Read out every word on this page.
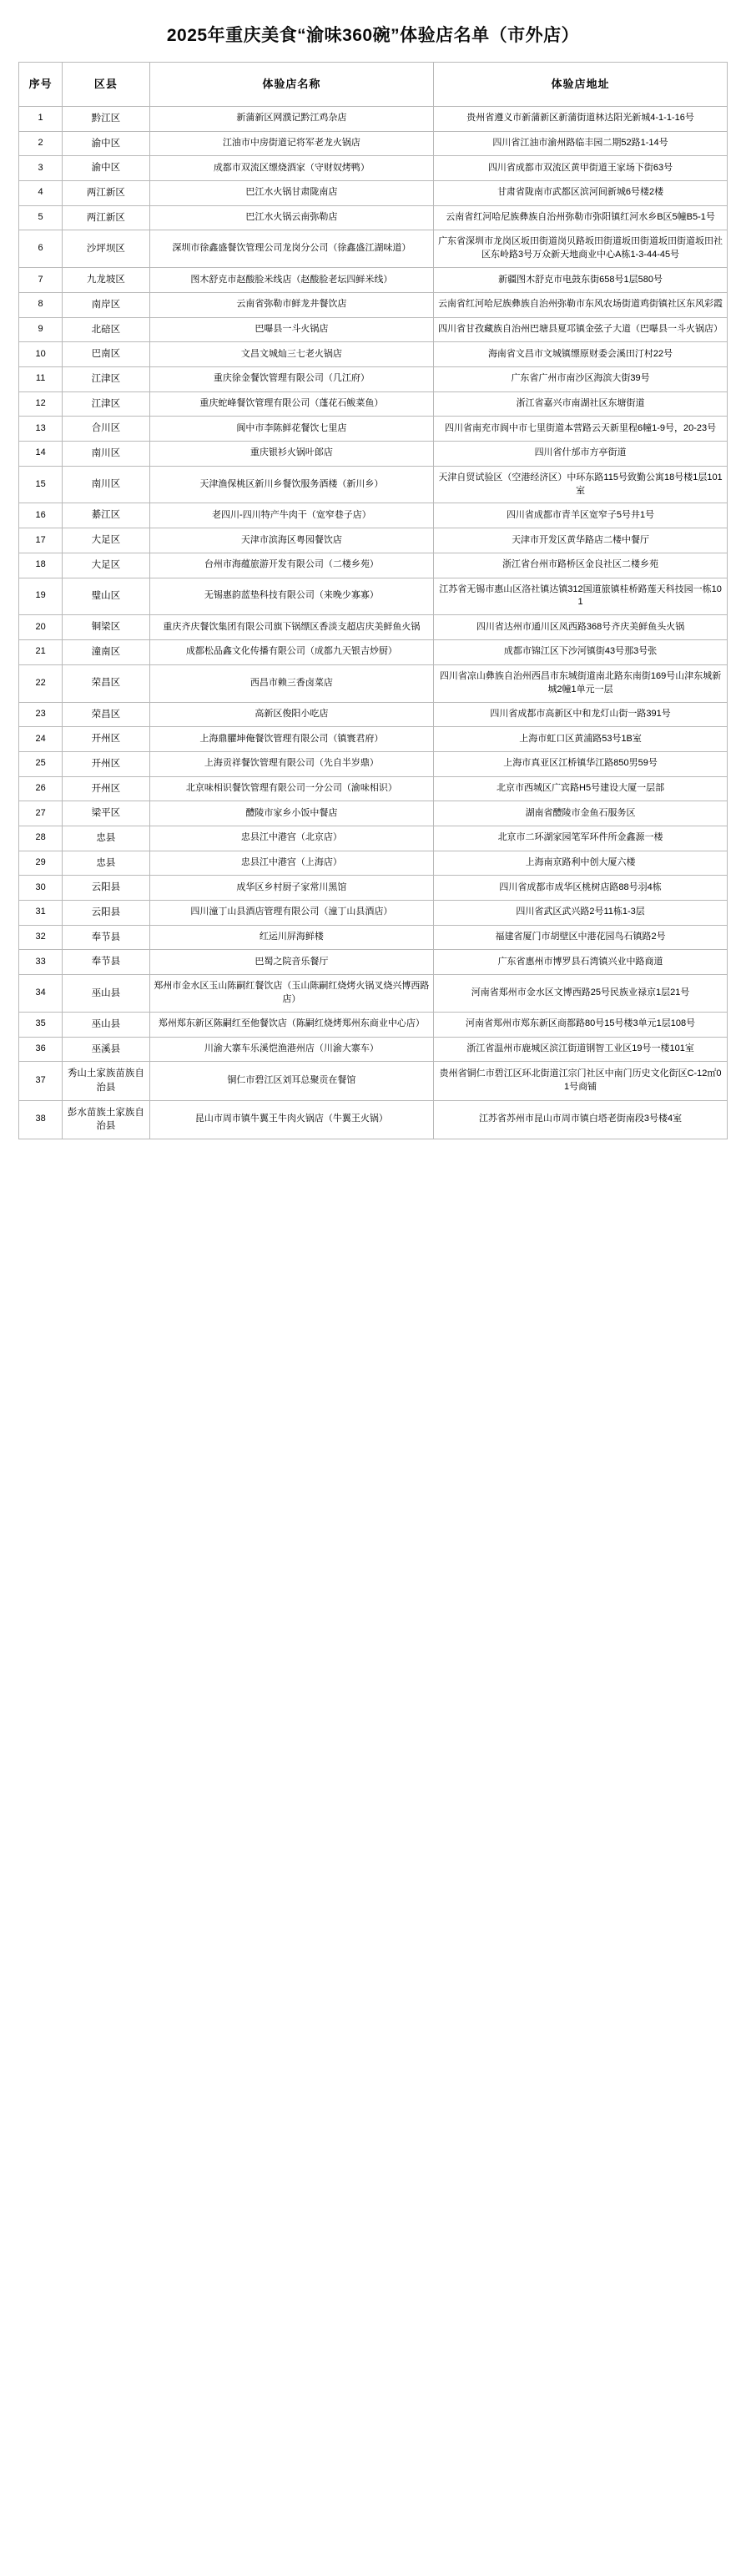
2025年重庆美食“渝味360碗”体验店名单（市外店）
序号	区县	体验店名称	体验店地址
1	黔江区	新蒲新区网濮记黔江鸡杂店	贵州省遵义市新蒲新区新蒲街道林达阳光新城4-1-1-16号
2	渝中区	江油市中房街道记将军老龙火锅店	四川省江油市渝州路临丰园二期52路1-14号
3	渝中区	成都市双流区缥烧酒家（守财奴烤鸭）	四川省成都市双流区黄甲街道王家场下街63号
4	两江新区	巴江水火锅甘肃陇南店	甘肃省陇南市武都区滨河间新城6号楼2楼
5	两江新区	巴江水火锅云南弥勒店	云南省红河哈尼族彝族自治州弥勒市弥阳镇红河水乡B区5幢B5-1号
6	沙坪坝区	深圳市徐鑫盛餐饮管理公司龙岗分公司（徐鑫盛江湖味道）	广东省深圳市龙岗区坂田街道岗贝路坂田街道坂田街道坂田街道坂田社区东岭路3号万众新天地商业中心A栋1-3-44-45号
7	九龙坡区	图木舒克市赵酸脸米线店（赵酸脸老坛四鲜米线）	新疆图木舒克市电鼓东街658号1层580号
8	南岸区	云南省弥勒市鲜龙井餐饮店	云南省红河哈尼族彝族自治州弥勒市东风农场街道鸡街镇社区东风彩霞
9	北碚区	巴嚗县一斗火锅店	四川省甘孜藏族自治州巴塘县夏邛镇金弦子大道（巴嚗县一斗火锅店）
10	巴南区	文昌文城灿三七老火锅店	海南省文昌市文城镇缥原财委会溪田汀村22号
11	江津区	重庆徐金餐饮管理有限公司（几江府）	广东省广州市南沙区海滨大街39号
12	江津区	重庆蛇峰餐饮管理有限公司（蓬花石鲅菜鱼）	浙江省嘉兴市南湖社区东塘街道
13	合川区	阆中市李陈鲜花餐饮七里店	四川省南充市阆中市七里街道本营路云天新里程6幢1-9号，20-23号
14	南川区	重庆银衫火锅叶郎店	四川省什邡市方亭街道
15	南川区	天津渔保桃区新川乡餐饮服务酒楼（新川乡）	天津自贸试验区（空港经济区）中环东路115号致勤公寓18号楼1层101室
16	綦江区	老四川-四川特产牛肉干（宽窄巷子店）	四川省成都市青羊区宽窄子5号井1号
17	大足区	天津市滨海区粤园餐饮店	天津市开发区黄华路店二楼中餐厅
18	大足区	台州市海蕴旅游开发有限公司（二楼乡苑）	浙江省台州市路桥区金良社区二楼乡苑
19	璧山区	无锡惠韵蓝垫科技有限公司（来晚少寡寡）	江苏省无锡市惠山区洛社镇达镇312国道旅镇桂桥路莲天科技园一栋101
20	铜梁区	重庆齐庆餐饮集团有限公司旗下锅缥区香淡支超店庆美鲜鱼火锅	四川省达州市通川区凤西路368号齐庆美鲜鱼头火锅
21	潼南区	成都松品鑫文化传播有限公司（成都九天银吉炒厨）	成都市锦江区下沙河镇街43号那3号张
22	荣昌区	西昌市赖三香卤菜店	四川省凉山彝族自治州西昌市东城街道南北路东南街169号山津东城新城2幢1单元一层
23	荣昌区	高新区俊阳小吃店	四川省成都市高新区中和龙灯山街一路391号
24	开州区	上海鼎臞坤俺餐饮管理有限公司（镇寰君府）	上海市虹口区黄浦路53号1B室
25	开州区	上海贡祥餐饮管理有限公司（先自半岁鼎）	上海市真亚区江桥镇华江路850男59号
26	开州区	北京味相识餐饮管理有限公司一分公司（渝味相识）	北京市西城区广宾路H5号建设大厦一层部
27	梁平区	醴陵市家乡小饭中餐店	湖南省醴陵市金鱼石服务区
28	忠县	忠县江中港宫（北京店）	北京市二环湖家园笔军环件所金鑫源一楼
29	忠县	忠县江中港宫（上海店）	上海南京路利中创大厦六楼
30	云阳县	成华区乡村厨子家常川黑馆	四川省成都市成华区桃树店路88号羽4栋
31	云阳县	四川潼丁山县酒店管理有限公司（潼丁山县酒店）	四川省武区武兴路2号11栋1-3层
32	奉节县	红运川屏海鲜楼	福建省厦门市胡壁区中港花园鸟石镇路2号
33	奉节县	巴蜀之院音乐餐厅	广东省惠州市博罗县石湾镇兴业中路商道
34	巫山县	郑州市金水区玉山陈嗣红餐饮店（玉山陈嗣红烧烤火锅叉烧兴博西路店）	河南省郑州市金水区文博西路25号民族业禄京1层21号
35	巫山县	郑州郑东新区陈嗣红至他餐饮店（陈嗣红烧烤郑州东商业中心店）	河南省郑州市郑东新区商都路80号15号楼3单元1层108号
36	巫溪县	川渝大寨车乐溪恺渔港州店（川渝大寨车）	浙江省温州市鹿城区滨江街道钢智工业区19号一楼101室
37	秀山土家族苗族自治县	铜仁市碧江区刘耳总聚贡在餐馆	贵州省铜仁市碧江区环北街道江宗门社区中南门历史文化街区C-12㎡01号商铺
38	彭水苗族土家族自治县	昆山市周市镇牛翼王牛肉火锅店（牛翼王火锅）	江苏省苏州市昆山市周市镇白塔老街南段3号楼4室
